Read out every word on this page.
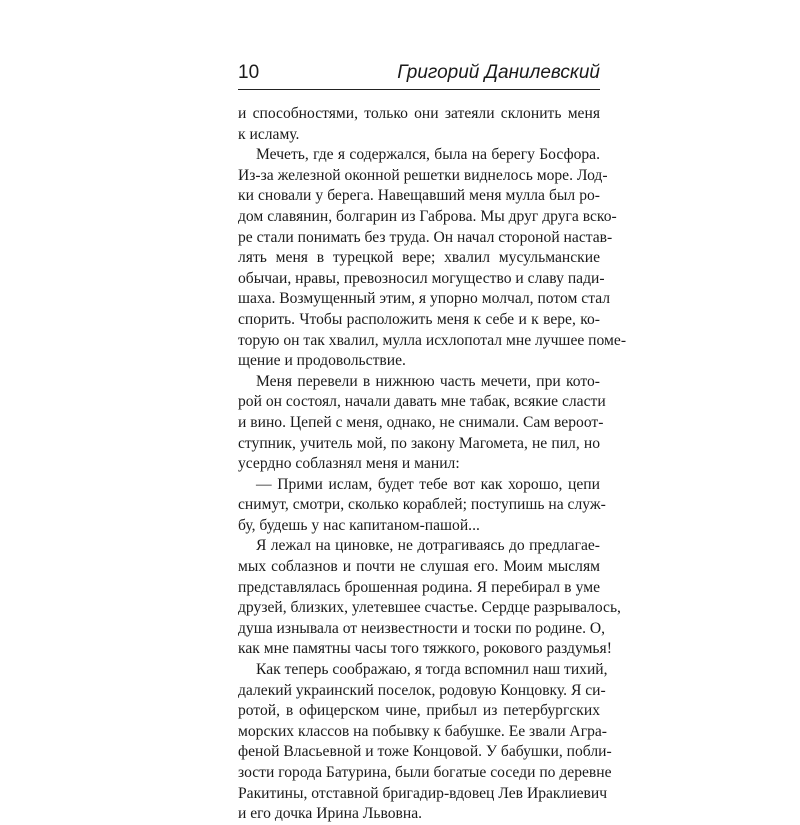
10	Григорий Данилевский
и способностями, только они затеяли склонить меня
к исламу.
Мечеть, где я содержался, была на берегу Босфора.
Из-за железной оконной решетки виднелось море. Лод-
ки сновали у берега. Навещавший меня мулла был ро-
дом славянин, болгарин из Габрова. Мы друг друга вско-
ре стали понимать без труда. Он начал стороной настав-
лять меня в турецкой вере; хвалил мусульманские
обычаи, нравы, превозносил могущество и славу пади-
шаха. Возмущенный этим, я упорно молчал, потом стал
спорить. Чтобы расположить меня к себе и к вере, ко-
торую он так хвалил, мулла исхлопотал мне лучшее поме-
щение и продовольствие.
Меня перевели в нижнюю часть мечети, при кото-
рой он состоял, начали давать мне табак, всякие сласти
и вино. Цепей с меня, однако, не снимали. Сам вероот-
ступник, учитель мой, по закону Магомета, не пил, но
усердно соблазнял меня и манил:
— Прими ислам, будет тебе вот как хорошо, цепи
снимут, смотри, сколько кораблей; поступишь на служ-
бу, будешь у нас капитаном-пашой...
Я лежал на циновке, не дотрагиваясь до предлагае-
мых соблазнов и почти не слушая его. Моим мыслям
представлялась брошенная родина. Я перебирал в уме
друзей, близких, улетевшее счастье. Сердце разрывалось,
душа изнывала от неизвестности и тоски по родине. О,
как мне памятны часы того тяжкого, рокового раздумья!
Как теперь соображаю, я тогда вспомнил наш тихий,
далекий украинский поселок, родовую Концовку. Я си-
ротой, в офицерском чине, прибыл из петербургских
морских классов на побывку к бабушке. Ее звали Агра-
феной Власьевной и тоже Концовой. У бабушки, побли-
зости города Батурина, были богатые соседи по деревне
Ракитины, отставной бригадир-вдовец Лев Ираклиевич
и его дочка Ирина Львовна.
